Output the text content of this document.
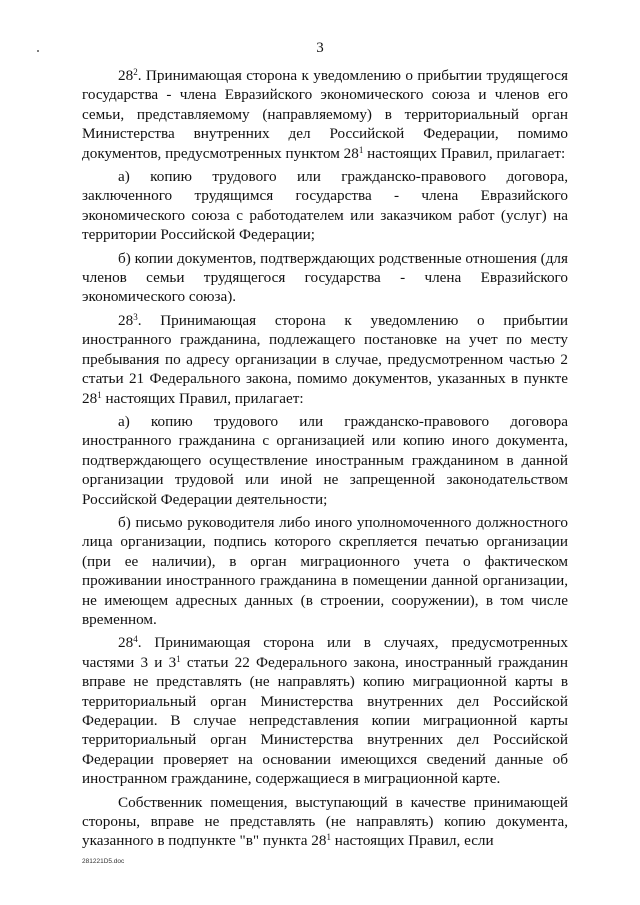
3

$28^2$. Принимающая сторона к уведомлению о прибытии трудящегося государства - члена Евразийского экономического союза и членов его семьи, представляемому (направляемому) в территориальный орган Министерства внутренних дел Российской Федерации, помимо документов, предусмотренных пунктом $28^1$ настоящих Правил, прилагает:

а) копию трудового или гражданско-правового договора, заключенного трудящимся государства - члена Евразийского экономического союза с работодателем или заказчиком работ (услуг) на территории Российской Федерации;

б) копии документов, подтверждающих родственные отношения (для членов семьи трудящегося государства - члена Евразийского экономического союза).

$28^3$. Принимающая сторона к уведомлению о прибытии иностранного гражданина, подлежащего постановке на учет по месту пребывания по адресу организации в случае, предусмотренном частью 2 статьи 21 Федерального закона, помимо документов, указанных в пункте $28^1$ настоящих Правил, прилагает:

а) копию трудового или гражданско-правового договора иностранного гражданина с организацией или копию иного документа, подтверждающего осуществление иностранным гражданином в данной организации трудовой или иной не запрещенной законодательством Российской Федерации деятельности;

б) письмо руководителя либо иного уполномоченного должностного лица организации, подпись которого скрепляется печатью организации (при ее наличии), в орган миграционного учета о фактическом проживании иностранного гражданина в помещении данной организации, не имеющем адресных данных (в строении, сооружении), в том числе временном.

$28^4$. Принимающая сторона или в случаях, предусмотренных частями 3 и $3^1$ статьи 22 Федерального закона, иностранный гражданин вправе не представлять (не направлять) копию миграционной карты в территориальный орган Министерства внутренних дел Российской Федерации. В случае непредставления копии миграционной карты территориальный орган Министерства внутренних дел Российской Федерации проверяет на основании имеющихся сведений данные об иностранном гражданине, содержащиеся в миграционной карте.

Собственник помещения, выступающий в качестве принимающей стороны, вправе не представлять (не направлять) копию документа, указанного в подпункте "в" пункта $28^1$ настоящих Правил, если

281221D5.doc
